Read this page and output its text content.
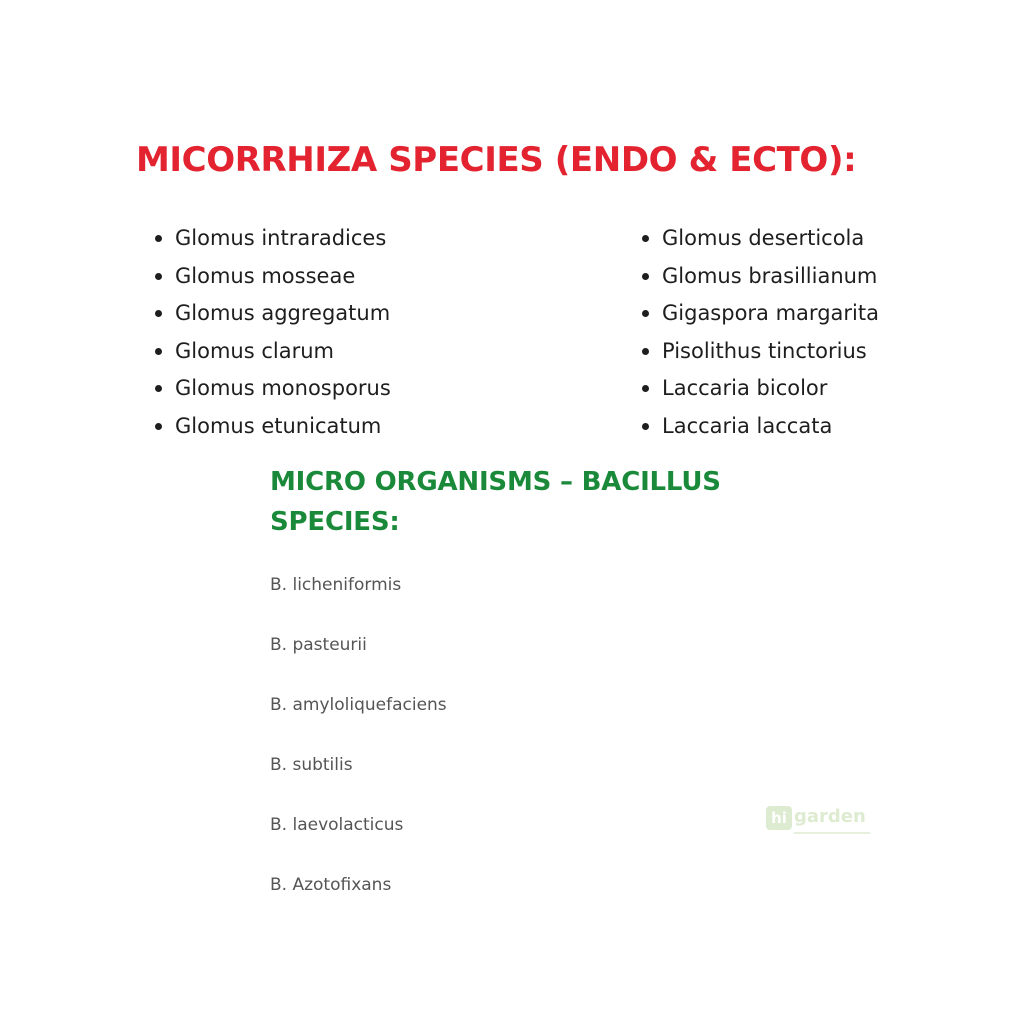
MICORRHIZA SPECIES (ENDO & ECTO):
Glomus intraradices
Glomus mosseae
Glomus aggregatum
Glomus clarum
Glomus monosporus
Glomus etunicatum
Glomus deserticola
Glomus brasillianum
Gigaspora margarita
Pisolithus tinctorius
Laccaria bicolor
Laccaria laccata
MICRO ORGANISMS – BACILLUS SPECIES:
B. licheniformis
B. pasteurii
B. amyloliquefaciens
B. subtilis
B. laevolacticus
B. Azotofixans
hi garden
